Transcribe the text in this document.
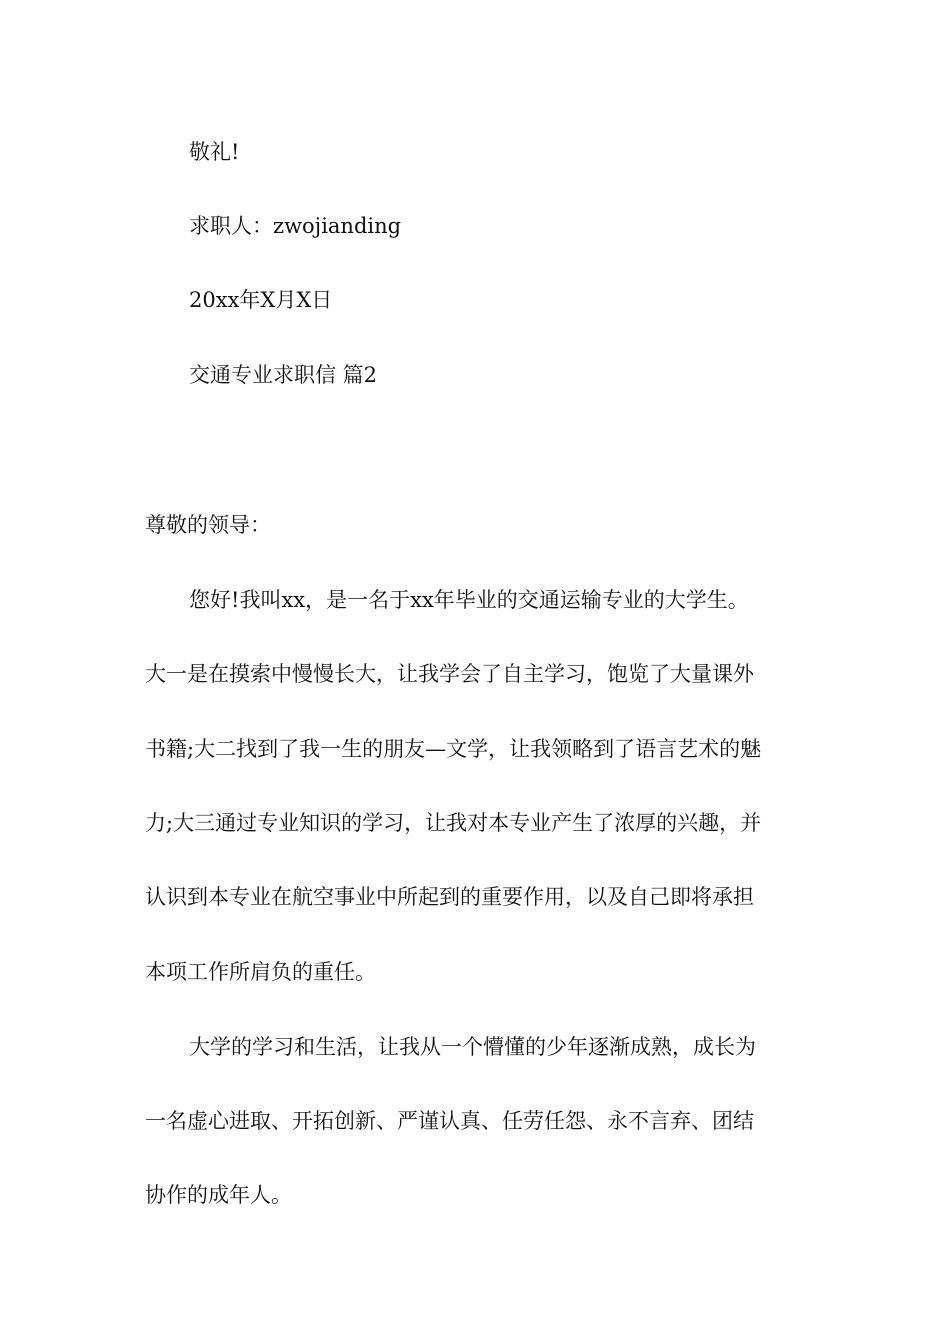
敬礼!
求职人：zwojianding
20xx年X月X日
交通专业求职信 篇2
尊敬的领导：
您好!我叫xx，是一名于xx年毕业的交通运输专业的大学生。
大一是在摸索中慢慢长大，让我学会了自主学习，饱览了大量课外
书籍;大二找到了我一生的朋友—文学，让我领略到了语言艺术的魅
力;大三通过专业知识的学习，让我对本专业产生了浓厚的兴趣，并
认识到本专业在航空事业中所起到的重要作用，以及自己即将承担
本项工作所肩负的重任。
大学的学习和生活，让我从一个懵懂的少年逐渐成熟，成长为
一名虚心进取、开拓创新、严谨认真、任劳任怨、永不言弃、团结
协作的成年人。
